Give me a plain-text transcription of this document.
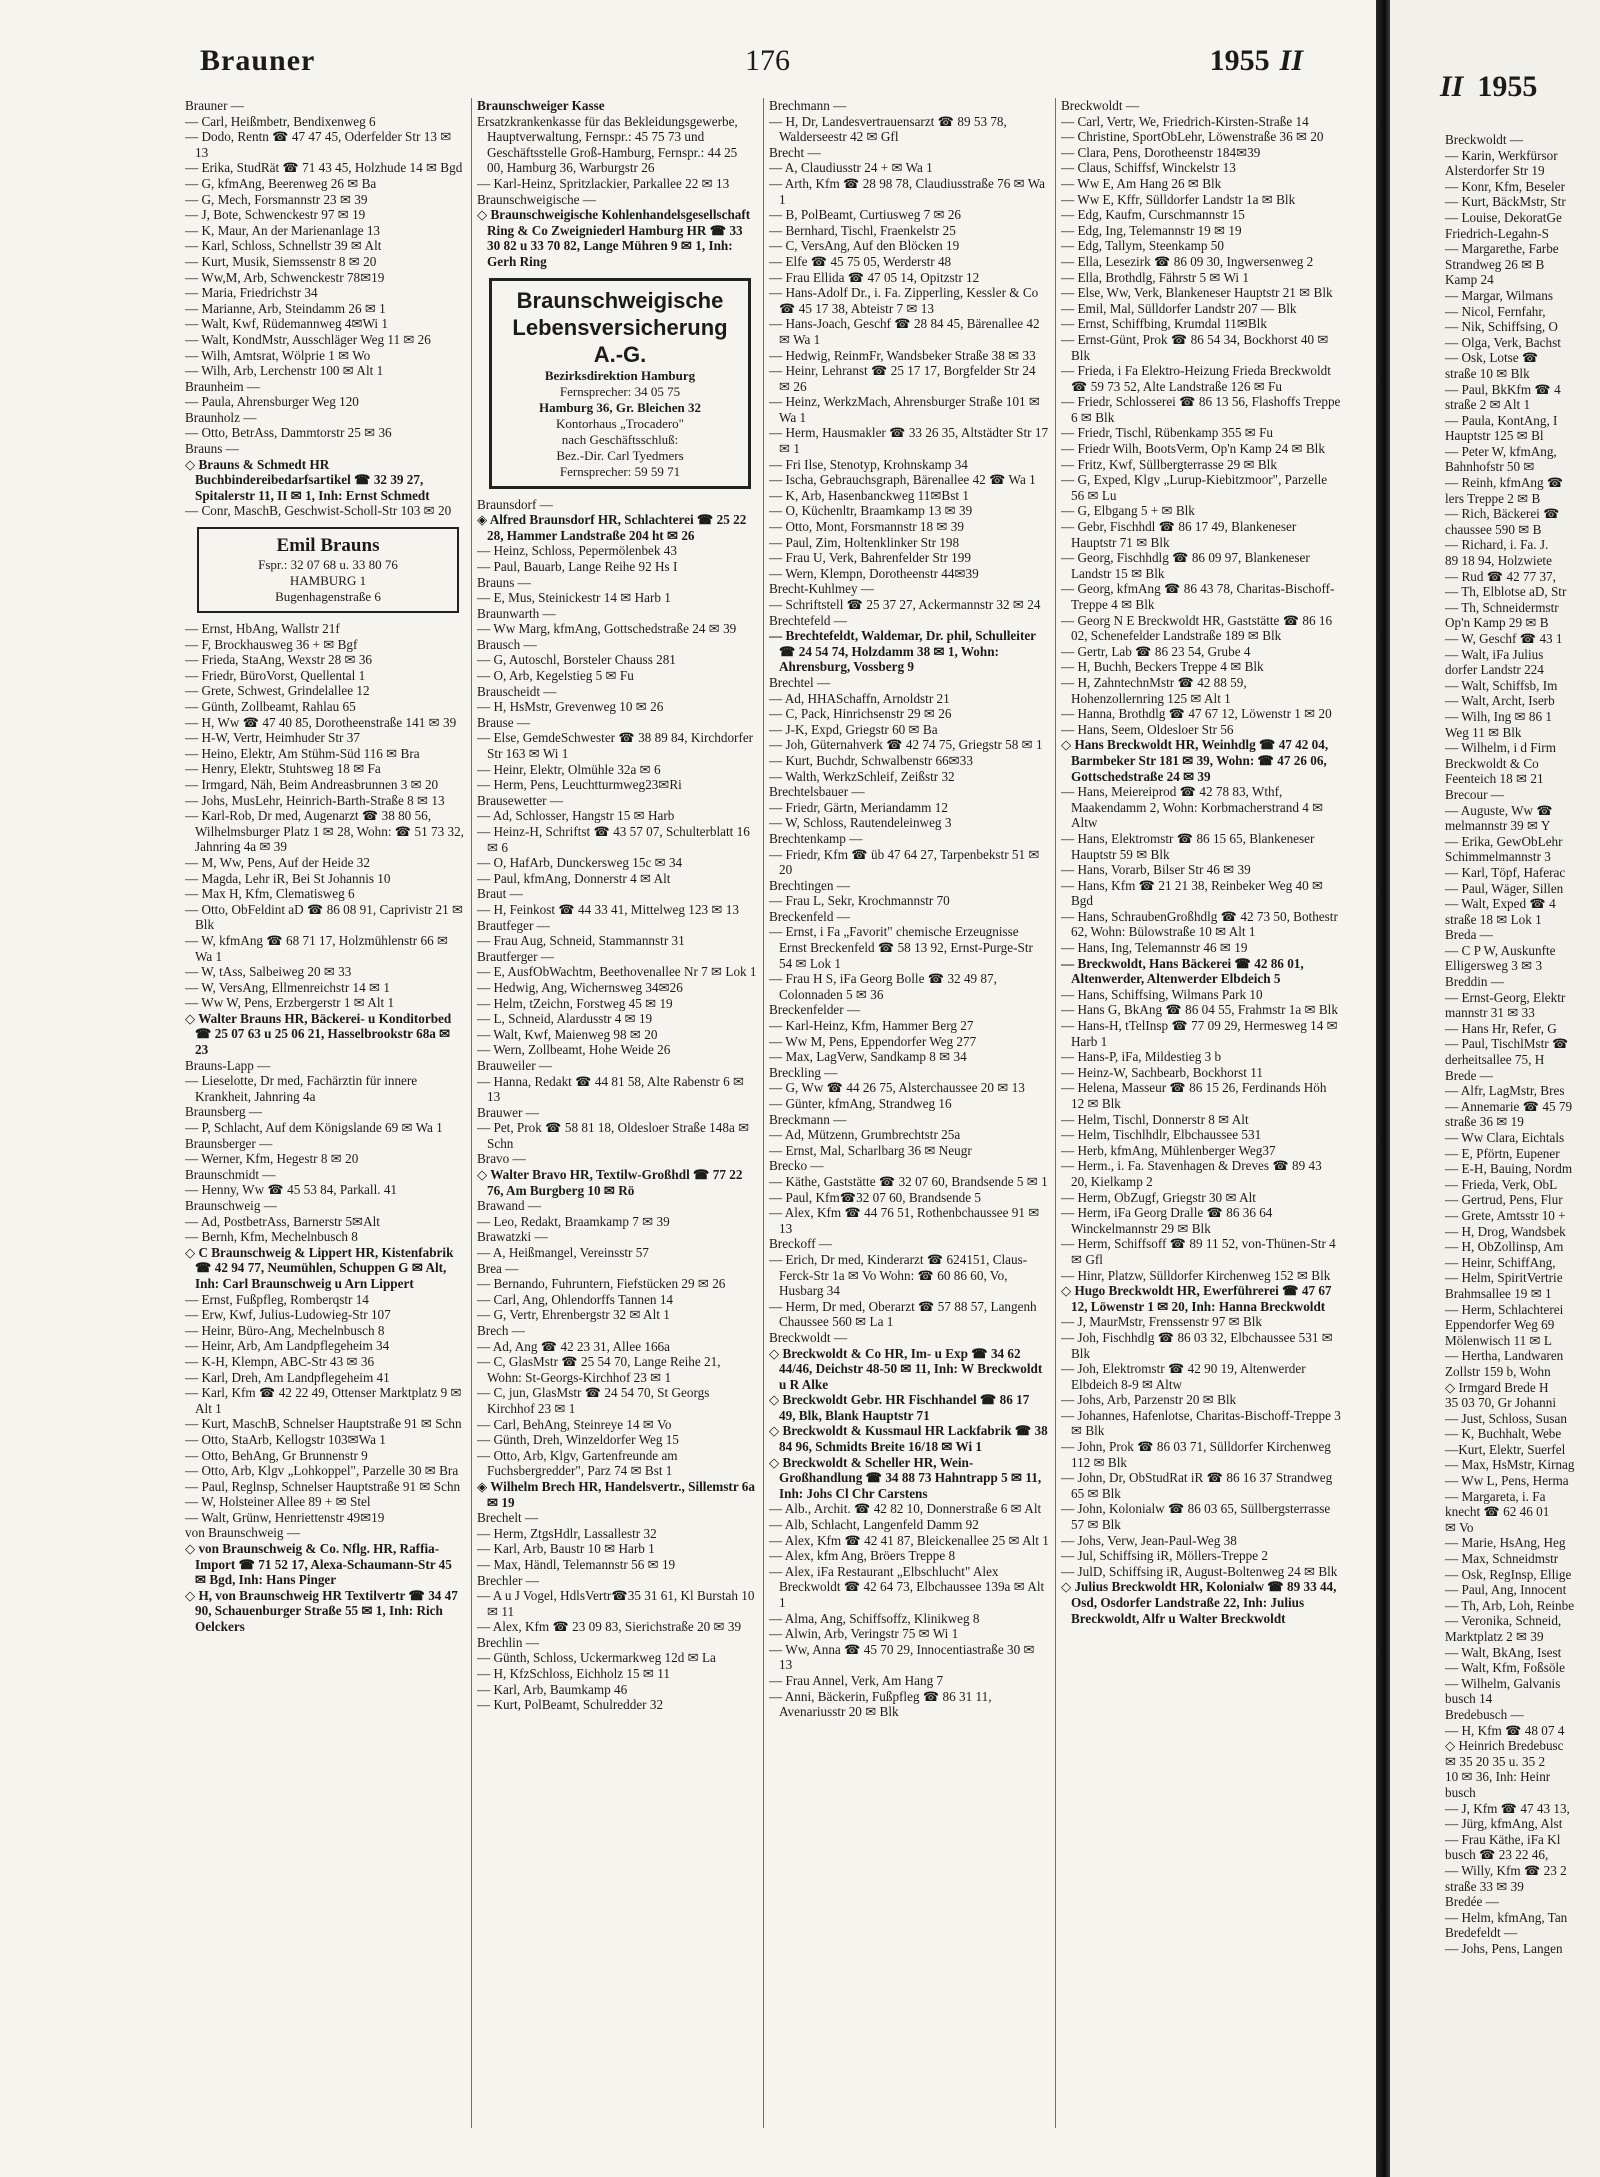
Brauner	176	1955 II

Brauner —

— Carl, Heißmbetr, Bendixenweg 6

— Dodo, Rentn ☎ 47 47 45, Oderfelder Str 13 ✉ 13

— Erika, StudRät ☎ 71 43 45, Holzhude 14 ✉ Bgd

— G, kfmAng, Beerenweg 26 ✉ Ba

— G, Mech, Forsmannstr 23 ✉ 39

— J, Bote, Schwenckestr 97 ✉ 19

— K, Maur, An der Marienanlage 13

— Karl, Schloss, Schnellstr 39 ✉ Alt

— Kurt, Musik, Siemssenstr 8 ✉ 20

— Ww,M, Arb, Schwenckestr 78✉19

— Maria, Friedrichstr 34

— Marianne, Arb, Steindamm 26 ✉ 1

— Walt, Kwf, Rüdemannweg 4✉Wi 1

— Walt, KondMstr, Ausschläger Weg 11 ✉ 26

— Wilh, Amtsrat, Wölprie 1 ✉ Wo

— Wilh, Arb, Lerchenstr 100 ✉ Alt 1

Braunheim —

— Paula, Ahrensburger Weg 120

Braunholz —

— Otto, BetrAss, Dammtorstr 25 ✉ 36

Brauns —

◇ Brauns & Schmedt HR Buchbindereibedarfsartikel ☎ 32 39 27, Spitalerstr 11, II ✉ 1, Inh: Ernst Schmedt

— Conr, MaschB, Geschwist-Scholl-Str 103 ✉ 20

Emil Brauns
Fspr.: 32 07 68 u. 33 80 76
HAMBURG 1
Bugenhagenstraße 6

— Ernst, HbAng, Wallstr 21f

— F, Brockhausweg 36 + ✉ Bgf

— Frieda, StaAng, Wexstr 28 ✉ 36

— Friedr, BüroVorst, Quellental 1

— Grete, Schwest, Grindelallee 12

— Günth, Zollbeamt, Rahlau 65

— H, Ww ☎ 47 40 85, Dorotheenstraße 141 ✉ 39

— H-W, Vertr, Heimhuder Str 37

— Heino, Elektr, Am Stühm-Süd 116 ✉ Bra

— Henry, Elektr, Stuhtsweg 18 ✉ Fa

— Irmgard, Näh, Beim Andreasbrunnen 3 ✉ 20

— Johs, MusLehr, Heinrich-Barth-Straße 8 ✉ 13

— Karl-Rob, Dr med, Augenarzt ☎ 38 80 56, Wilhelmsburger Platz 1 ✉ 28, Wohn: ☎ 51 73 32, Jahnring 4a ✉ 39

— M, Ww, Pens, Auf der Heide 32

— Magda, Lehr iR, Bei St Johannis 10

— Max H, Kfm, Clematisweg 6

— Otto, ObFeldint aD ☎ 86 08 91, Caprivistr 21 ✉ Blk

— W, kfmAng ☎ 68 71 17, Holzmühlenstr 66 ✉ Wa 1

— W, tAss, Salbeiweg 20 ✉ 33

— W, VersAng, Ellmenreichstr 14 ✉ 1

— Ww W, Pens, Erzbergerstr 1 ✉ Alt 1

◇ Walter Brauns HR, Bäckerei- u Konditorbed ☎ 25 07 63 u 25 06 21, Hasselbrookstr 68a ✉ 23

Brauns-Lapp —

— Lieselotte, Dr med, Fachärztin für innere Krankheit, Jahnring 4a

Braunsberg —

— P, Schlacht, Auf dem Königslande 69 ✉ Wa 1

Braunsberger —

— Werner, Kfm, Hegestr 8 ✉ 20

Braunschmidt —

— Henny, Ww ☎ 45 53 84, Parkall. 41

Braunschweig —

— Ad, PostbetrAss, Barnerstr 5✉Alt

— Bernh, Kfm, Mechelnbusch 8

◇ C Braunschweig & Lippert HR, Kistenfabrik ☎ 42 94 77, Neumühlen, Schuppen G ✉ Alt, Inh: Carl Braunschweig u Arn Lippert

— Ernst, Fußpfleg, Romberqstr 14

— Erw, Kwf, Julius-Ludowieg-Str 107

— Heinr, Büro-Ang, Mechelnbusch 8

— Heinr, Arb, Am Landpflegeheim 34

— K-H, Klempn, ABC-Str 43 ✉ 36

— Karl, Dreh, Am Landpflegeheim 41

— Karl, Kfm ☎ 42 22 49, Ottenser Marktplatz 9 ✉ Alt 1

— Kurt, MaschB, Schnelser Hauptstraße 91 ✉ Schn

— Otto, StaArb, Kellogstr 103✉Wa 1

— Otto, BehAng, Gr Brunnenstr 9

— Otto, Arb, Klgv „Lohkoppel", Parzelle 30 ✉ Bra

— Paul, Reglnsp, Schnelser Hauptstraße 91 ✉ Schn

— W, Holsteiner Allee 89 + ✉ Stel

— Walt, Grünw, Henriettenstr 49✉19

von Braunschweig —

◇ von Braunschweig & Co. Nflg. HR, Raffia-Import ☎ 71 52 17, Alexa-Schaumann-Str 45 ✉ Bgd, Inh: Hans Pinger

◇ H, von Braunschweig HR Textilvertr ☎ 34 47 90, Schauenburger Straße 55 ✉ 1, Inh: Rich Oelckers

Braunschweiger Kasse

Ersatzkrankenkasse für das Bekleidungsgewerbe, Hauptverwaltung, Fernspr.: 45 75 73 und Geschäftsstelle Groß-Hamburg, Fernspr.: 44 25 00, Hamburg 36, Warburgstr 26

— Karl-Heinz, Spritzlackier, Parkallee 22 ✉ 13

Braunschweigische —

◇ Braunschweigische Kohlenhandelsgesellschaft Ring & Co Zweigniederl Hamburg HR ☎ 33 30 82 u 33 70 82, Lange Mühren 9 ✉ 1, Inh: Gerh Ring

Braunschweigische
Lebensversicherung
A.-G.
Bezirksdirektion Hamburg
Fernsprecher: 34 05 75
Hamburg 36, Gr. Bleichen 32
Kontorhaus „Trocadero"
nach Geschäftsschluß:
Bez.-Dir. Carl Tyedmers
Fernsprecher: 59 59 71

Braunsdorf —

◈ Alfred Braunsdorf HR, Schlachterei ☎ 25 22 28, Hammer Landstraße 204 ht ✉ 26

— Heinz, Schloss, Pepermölenbek 43

— Paul, Bauarb, Lange Reihe 92 Hs I

Brauns —

— E, Mus, Steinickestr 14 ✉ Harb 1

Braunwarth —

— Ww Marg, kfmAng, Gottschedstraße 24 ✉ 39

Brausch —

— G, Autoschl, Borsteler Chauss 281

— O, Arb, Kegelstieg 5 ✉ Fu

Brauscheidt —

— H, HsMstr, Grevenweg 10 ✉ 26

Brause —

— Else, GemdeSchwester ☎ 38 89 84, Kirchdorfer Str 163 ✉ Wi 1

— Heinr, Elektr, Olmühle 32a ✉ 6

— Herm, Pens, Leuchtturmweg23✉Ri

Brausewetter —

— Ad, Schlosser, Hangstr 15 ✉ Harb

— Heinz-H, Schriftst ☎ 43 57 07, Schulterblatt 16 ✉ 6

— O, HafArb, Dunckersweg 15c ✉ 34

— Paul, kfmAng, Donnerstr 4 ✉ Alt

Braut —

— H, Feinkost ☎ 44 33 41, Mittelweg 123 ✉ 13

Brautfeger —

— Frau Aug, Schneid, Stammannstr 31

Brautferger —

— E, AusfObWachtm, Beethovenallee Nr 7 ✉ Lok 1

— Hedwig, Ang, Wichernsweg 34✉26

— Helm, tZeichn, Forstweg 45 ✉ 19

— L, Schneid, Alardusstr 4 ✉ 19

— Walt, Kwf, Maienweg 98 ✉ 20

— Wern, Zollbeamt, Hohe Weide 26

Brauweiler —

— Hanna, Redakt ☎ 44 81 58, Alte Rabenstr 6 ✉ 13

Brauwer —

— Pet, Prok ☎ 58 81 18, Oldesloer Straße 148a ✉ Schn

Bravo —

◇ Walter Bravo HR, Textilw-Großhdl ☎ 77 22 76, Am Burgberg 10 ✉ Rö

Brawand —

— Leo, Redakt, Braamkamp 7 ✉ 39

Brawatzki —

— A, Heißmangel, Vereinsstr 57

Brea —

— Bernando, Fuhruntern, Fiefstücken 29 ✉ 26

— Carl, Ang, Ohlendorffs Tannen 14

— G, Vertr, Ehrenbergstr 32 ✉ Alt 1

Brech —

— Ad, Ang ☎ 42 23 31, Allee 166a

— C, GlasMstr ☎ 25 54 70, Lange Reihe 21, Wohn: St-Georgs-Kirchhof 23 ✉ 1

— C, jun, GlasMstr ☎ 24 54 70, St Georgs Kirchhof 23 ✉ 1

— Carl, BehAng, Steinreye 14 ✉ Vo

— Günth, Dreh, Winzeldorfer Weg 15

— Otto, Arb, Klgv, Gartenfreunde am Fuchsbergredder", Parz 74 ✉ Bst 1

◈ Wilhelm Brech HR, Handelsvertr., Sillemstr 6a ✉ 19

Brechelt —

— Herm, ZtgsHdlr, Lassallestr 32

— Karl, Arb, Baustr 10 ✉ Harb 1

— Max, Händl, Telemannstr 56 ✉ 19

Brechler —

— A u J Vogel, HdlsVertr☎35 31 61, Kl Burstah 10 ✉ 11

— Alex, Kfm ☎ 23 09 83, Sierichstraße 20 ✉ 39

Brechlin —

— Günth, Schloss, Uckermarkweg 12d ✉ La

— H, KfzSchloss, Eichholz 15 ✉ 11

— Karl, Arb, Baumkamp 46

— Kurt, PolBeamt, Schulredder 32

Brechmann —

— H, Dr, Landesvertrauensarzt ☎ 89 53 78, Walderseestr 42 ✉ Gfl

Brecht —

— A, Claudiusstr 24 + ✉ Wa 1

— Arth, Kfm ☎ 28 98 78, Claudiusstraße 76 ✉ Wa 1

— B, PolBeamt, Curtiusweg 7 ✉ 26

— Bernhard, Tischl, Fraenkelstr 25

— C, VersAng, Auf den Blöcken 19

— Elfe ☎ 45 75 05, Werderstr 48

— Frau Ellida ☎ 47 05 14, Opitzstr 12

— Hans-Adolf Dr., i. Fa. Zipperling, Kessler & Co ☎ 45 17 38, Abteistr 7 ✉ 13

— Hans-Joach, Geschf ☎ 28 84 45, Bärenallee 42 ✉ Wa 1

— Hedwig, ReinmFr, Wandsbeker Straße 38 ✉ 33

— Heinr, Lehranst ☎ 25 17 17, Borgfelder Str 24 ✉ 26

— Heinz, WerkzMach, Ahrensburger Straße 101 ✉ Wa 1

— Herm, Hausmakler ☎ 33 26 35, Altstädter Str 17 ✉ 1

— Fri Ilse, Stenotyp, Krohnskamp 34

— Ischa, Gebrauchsgraph, Bärenallee 42 ☎ Wa 1

— K, Arb, Hasenbanckweg 11✉Bst 1

— O, Küchenltr, Braamkamp 13 ✉ 39

— Otto, Mont, Forsmannstr 18 ✉ 39

— Paul, Zim, Holtenklinker Str 198

— Frau U, Verk, Bahrenfelder Str 199

— Wern, Klempn, Dorotheenstr 44✉39

Brecht-Kuhlmey —

— Schriftstell ☎ 25 37 27, Ackermannstr 32 ✉ 24

Brechtefeld —

— Brechtefeldt, Waldemar, Dr. phil, Schulleiter ☎ 24 54 74, Holzdamm 38 ✉ 1, Wohn: Ahrensburg, Vossberg 9

Brechtel —

— Ad, HHASchaffn, Arnoldstr 21

— C, Pack, Hinrichsenstr 29 ✉ 26

— J-K, Expd, Griegstr 60 ✉ Ba

— Joh, Güternahverk ☎ 42 74 75, Griegstr 58 ✉ 1

— Kurt, Buchdr, Schwalbenstr 66✉33

— Walth, WerkzSchleif, Zeißstr 32

Brechtelsbauer —

— Friedr, Gärtn, Meriandamm 12

— W, Schloss, Rautendeleinweg 3

Brechtenkamp —

— Friedr, Kfm ☎ üb 47 64 27, Tarpenbekstr 51 ✉ 20

Brechtingen —

— Frau L, Sekr, Krochmannstr 70

Breckenfeld —

— Ernst, i Fa „Favorit" chemische Erzeugnisse Ernst Breckenfeld ☎ 58 13 92, Ernst-Purge-Str 54 ✉ Lok 1

— Frau H S, iFa Georg Bolle ☎ 32 49 87, Colonnaden 5 ✉ 36

Breckenfelder —

— Karl-Heinz, Kfm, Hammer Berg 27

— Ww M, Pens, Eppendorfer Weg 277

— Max, LagVerw, Sandkamp 8 ✉ 34

Breckling —

— G, Ww ☎ 44 26 75, Alsterchaussee 20 ✉ 13

— Günter, kfmAng, Strandweg 16

Breckmann —

— Ad, Mützenn, Grumbrechtstr 25a

— Ernst, Mal, Scharlbarg 36 ✉ Neugr

Brecko —

— Käthe, Gaststätte ☎ 32 07 60, Brandsende 5 ✉ 1

— Paul, Kfm☎32 07 60, Brandsende 5

— Alex, Kfm ☎ 44 76 51, Rothenbchaussee 91 ✉ 13

Breckoff —

— Erich, Dr med, Kinderarzt ☎ 624151, Claus-Ferck-Str 1a ✉ Vo Wohn: ☎ 60 86 60, Vo, Husbarg 34

— Herm, Dr med, Oberarzt ☎ 57 88 57, Langenh Chaussee 560 ✉ La 1

Breckwoldt —

◇ Breckwoldt & Co HR, Im- u Exp ☎ 34 62 44/46, Deichstr 48-50 ✉ 11, Inh: W Breckwoldt u R Alke

◇ Breckwoldt Gebr. HR Fischhandel ☎ 86 17 49, Blk, Blank Hauptstr 71

◇ Breckwoldt & Kussmaul HR Lackfabrik ☎ 38 84 96, Schmidts Breite 16/18 ✉ Wi 1

◇ Breckwoldt & Scheller HR, Wein-Großhandlung ☎ 34 88 73 Hahntrapp 5 ✉ 11, Inh: Johs Cl Chr Carstens

— Alb., Archit. ☎ 42 82 10, Donnerstraße 6 ✉ Alt

— Alb, Schlacht, Langenfeld Damm 92

— Alex, Kfm ☎ 42 41 87, Bleickenallee 25 ✉ Alt 1

— Alex, kfm Ang, Bröers Treppe 8

— Alex, iFa Restaurant „Elbschlucht" Alex Breckwoldt ☎ 42 64 73, Elbchaussee 139a ✉ Alt 1

— Alma, Ang, Schiffsoffz, Klinikweg 8

— Alwin, Arb, Veringstr 75 ✉ Wi 1

— Ww, Anna ☎ 45 70 29, Innocentiastraße 30 ✉ 13

— Frau Annel, Verk, Am Hang 7

— Anni, Bäckerin, Fußpfleg ☎ 86 31 11, Avenariusstr 20 ✉ Blk

Breckwoldt —

— Carl, Vertr, We, Friedrich-Kirsten-Straße 14

— Christine, SportObLehr, Löwenstraße 36 ✉ 20

— Clara, Pens, Dorotheenstr 184✉39

— Claus, Schiffsf, Winckelstr 13

— Ww E, Am Hang 26 ✉ Blk

— Ww E, Kffr, Sülldorfer Landstr 1a ✉ Blk

— Edg, Kaufm, Curschmannstr 15

— Edg, Ing, Telemannstr 19 ✉ 19

— Edg, Tallym, Steenkamp 50

— Ella, Lesezirk ☎ 86 09 30, Ingwersenweg 2

— Ella, Brothdlg, Fährstr 5 ✉ Wi 1

— Else, Ww, Verk, Blankeneser Hauptstr 21 ✉ Blk

— Emil, Mal, Sülldorfer Landstr 207 — Blk

— Ernst, Schiffbing, Krumdal 11✉Blk

— Ernst-Günt, Prok ☎ 86 54 34, Bockhorst 40 ✉ Blk

— Frieda, i Fa Elektro-Heizung Frieda Breckwoldt ☎ 59 73 52, Alte Landstraße 126 ✉ Fu

— Friedr, Schlosserei ☎ 86 13 56, Flashoffs Treppe 6 ✉ Blk

— Friedr, Tischl, Rübenkamp 355 ✉ Fu

— Friedr Wilh, BootsVerm, Op'n Kamp 24 ✉ Blk

— Fritz, Kwf, Süllbergterrasse 29 ✉ Blk

— G, Exped, Klgv „Lurup-Kiebitzmoor", Parzelle 56 ✉ Lu

— G, Elbgang 5 + ✉ Blk

— Gebr, Fischhdl ☎ 86 17 49, Blankeneser Hauptstr 71 ✉ Blk

— Georg, Fischhdlg ☎ 86 09 97, Blankeneser Landstr 15 ✉ Blk

— Georg, kfmAng ☎ 86 43 78, Charitas-Bischoff-Treppe 4 ✉ Blk

— Georg N E Breckwoldt HR, Gaststätte ☎ 86 16 02, Schenefelder Landstraße 189 ✉ Blk

— Gertr, Lab ☎ 86 23 54, Grube 4

— H, Buchh, Beckers Treppe 4 ✉ Blk

— H, ZahntechnMstr ☎ 42 88 59, Hohenzollernring 125 ✉ Alt 1

— Hanna, Brothdlg ☎ 47 67 12, Löwenstr 1 ✉ 20

— Hans, Seem, Oldesloer Str 56

◇ Hans Breckwoldt HR, Weinhdlg ☎ 47 42 04, Barmbeker Str 181 ✉ 39, Wohn: ☎ 47 26 06, Gottschedstraße 24 ✉ 39

— Hans, Meiereiprod ☎ 42 78 83, Wthf, Maakendamm 2, Wohn: Korbmacherstrand 4 ✉ Altw

— Hans, Elektromstr ☎ 86 15 65, Blankeneser Hauptstr 59 ✉ Blk

— Hans, Vorarb, Bilser Str 46 ✉ 39

— Hans, Kfm ☎ 21 21 38, Reinbeker Weg 40 ✉ Bgd

— Hans, SchraubenGroßhdlg ☎ 42 73 50, Bothestr 62, Wohn: Bülowstraße 10 ✉ Alt 1

— Hans, Ing, Telemannstr 46 ✉ 19

— Breckwoldt, Hans Bäckerei ☎ 42 86 01, Altenwerder, Altenwerder Elbdeich 5

— Hans, Schiffsing, Wilmans Park 10

— Hans G, BkAng ☎ 86 04 55, Frahmstr 1a ✉ Blk

— Hans-H, tTelInsp ☎ 77 09 29, Hermesweg 14 ✉ Harb 1

— Hans-P, iFa, Mildestieg 3 b

— Heinz-W, Sachbearb, Bockhorst 11

— Helena, Masseur ☎ 86 15 26, Ferdinands Höh 12 ✉ Blk

— Helm, Tischl, Donnerstr 8 ✉ Alt

— Helm, Tischlhdlr, Elbchaussee 531

— Herb, kfmAng, Mühlenberger Weg37

— Herm., i. Fa. Stavenhagen & Dreves ☎ 89 43 20, Kielkamp 2

— Herm, ObZugf, Griegstr 30 ✉ Alt

— Herm, iFa Georg Dralle ☎ 86 36 64 Winckelmannstr 29 ✉ Blk

— Herm, Schiffsoff ☎ 89 11 52, von-Thünen-Str 4 ✉ Gfl

— Hinr, Platzw, Sülldorfer Kirchenweg 152 ✉ Blk

◇ Hugo Breckwoldt HR, Ewerführerei ☎ 47 67 12, Löwenstr 1 ✉ 20, Inh: Hanna Breckwoldt

— J, MaurMstr, Frenssenstr 97 ✉ Blk

— Joh, Fischhdlg ☎ 86 03 32, Elbchaussee 531 ✉ Blk

— Joh, Elektromstr ☎ 42 90 19, Altenwerder Elbdeich 8-9 ✉ Altw

— Johs, Arb, Parzenstr 20 ✉ Blk

— Johannes, Hafenlotse, Charitas-Bischoff-Treppe 3 ✉ Blk

— John, Prok ☎ 86 03 71, Sülldorfer Kirchenweg 112 ✉ Blk

— John, Dr, ObStudRat iR ☎ 86 16 37 Strandweg 65 ✉ Blk

— John, Kolonialw ☎ 86 03 65, Süllbergsterrasse 57 ✉ Blk

— Johs, Verw, Jean-Paul-Weg 38

— Jul, Schiffsing iR, Möllers-Treppe 2

— JulD, Schiffsing iR, August-Boltenweg 24 ✉ Blk

◇ Julius Breckwoldt HR, Kolonialw ☎ 89 33 44, Osd, Osdorfer Landstraße 22, Inh: Julius Breckwoldt, Alfr u Walter Breckwoldt

II 1955

Breckwoldt —

— Karin, Werkfürsor

Alsterdorfer Str 19

— Konr, Kfm, Beseler

— Kurt, BäckMstr, Str

— Louise, DekoratGe

Friedrich-Legahn-S

— Margarethe, Farbe

Strandweg 26 ✉ B

Kamp 24

— Margar, Wilmans

— Nicol, Fernfahr,

— Nik, Schiffsing, O

— Olga, Verk, Bachst

— Osk, Lotse ☎

straße 10 ✉ Blk

— Paul, BkKfm ☎ 4

straße 2 ✉ Alt 1

— Paula, KontAng, I

Hauptstr 125 ✉ Bl

— Peter W, kfmAng,

Bahnhofstr 50 ✉

— Reinh, kfmAng ☎

lers Treppe 2 ✉ B

— Rich, Bäckerei ☎

chaussee 590 ✉ B

— Richard, i. Fa. J.

89 18 94, Holzwiete

— Rud ☎ 42 77 37,

— Th, Elblotse aD, Str

— Th, Schneidermstr

Op'n Kamp 29 ✉ B

— W, Geschf ☎ 43 1

— Walt, iFa Julius

dorfer Landstr 224

— Walt, Schiffsb, Im

— Walt, Archt, Iserb

— Wilh, Ing ✉ 86 1

Weg 11 ✉ Blk

— Wilhelm, i d Firm

Breckwoldt & Co

Feenteich 18 ✉ 21

Brecour —

— Auguste, Ww ☎

melmannstr 39 ✉ Y

— Erika, GewObLehr

Schimmelmannstr 3

— Karl, Töpf, Haferac

— Paul, Wäger, Sillen

— Walt, Exped ☎ 4

straße 18 ✉ Lok 1

Breda —

— C P W, Auskunfte

Elligersweg 3 ✉ 3

Breddin —

— Ernst-Georg, Elektr

mannstr 31 ✉ 33

— Hans Hr, Refer, G

— Paul, TischlMstr ☎

derheitsallee 75, H

Brede —

— Alfr, LagMstr, Bres

— Annemarie ☎ 45 79

straße 36 ✉ 19

— Ww Clara, Eichtals

— E, Pförtn, Eupener

— E-H, Bauing, Nordm

— Frieda, Verk, ObL

— Gertrud, Pens, Flur

— Grete, Amtsstr 10 +

— H, Drog, Wandsbek

— H, ObZollinsp, Am

— Heinr, SchiffAng,

— Helm, SpiritVertrie

Brahmsallee 19 ✉ 1

— Herm, Schlachterei

Eppendorfer Weg 69

Mölenwisch 11 ✉ L

— Hertha, Landwaren

Zollstr 159 b, Wohn

◇ Irmgard Brede H

35 03 70, Gr Johanni

— Just, Schloss, Susan

— K, Buchhalt, Webe

—Kurt, Elektr, Suerfel

— Max, HsMstr, Kirnag

— Ww L, Pens, Herma

— Margareta, i. Fa

knecht ☎ 62 46 01

✉ Vo

— Marie, HsAng, Heg

— Max, Schneidmstr

— Osk, RegInsp, Ellige

— Paul, Ang, Innocent

— Th, Arb, Loh, Reinbe

— Veronika, Schneid,

Marktplatz 2 ✉ 39

— Walt, BkAng, Isest

— Walt, Kfm, Foßsöle

— Wilhelm, Galvanis

busch 14

Bredebusch —

— H, Kfm ☎ 48 07 4

◇ Heinrich Bredebusc

✉ 35 20 35 u. 35 2

10 ✉ 36, Inh: Heinr

busch

— J, Kfm ☎ 47 43 13,

— Jürg, kfmAng, Alst

— Frau Käthe, iFa Kl

busch ☎ 23 22 46,

— Willy, Kfm ☎ 23 2

straße 33 ✉ 39

Bredée —

— Helm, kfmAng, Tan

Bredefeldt —

— Johs, Pens, Langen
